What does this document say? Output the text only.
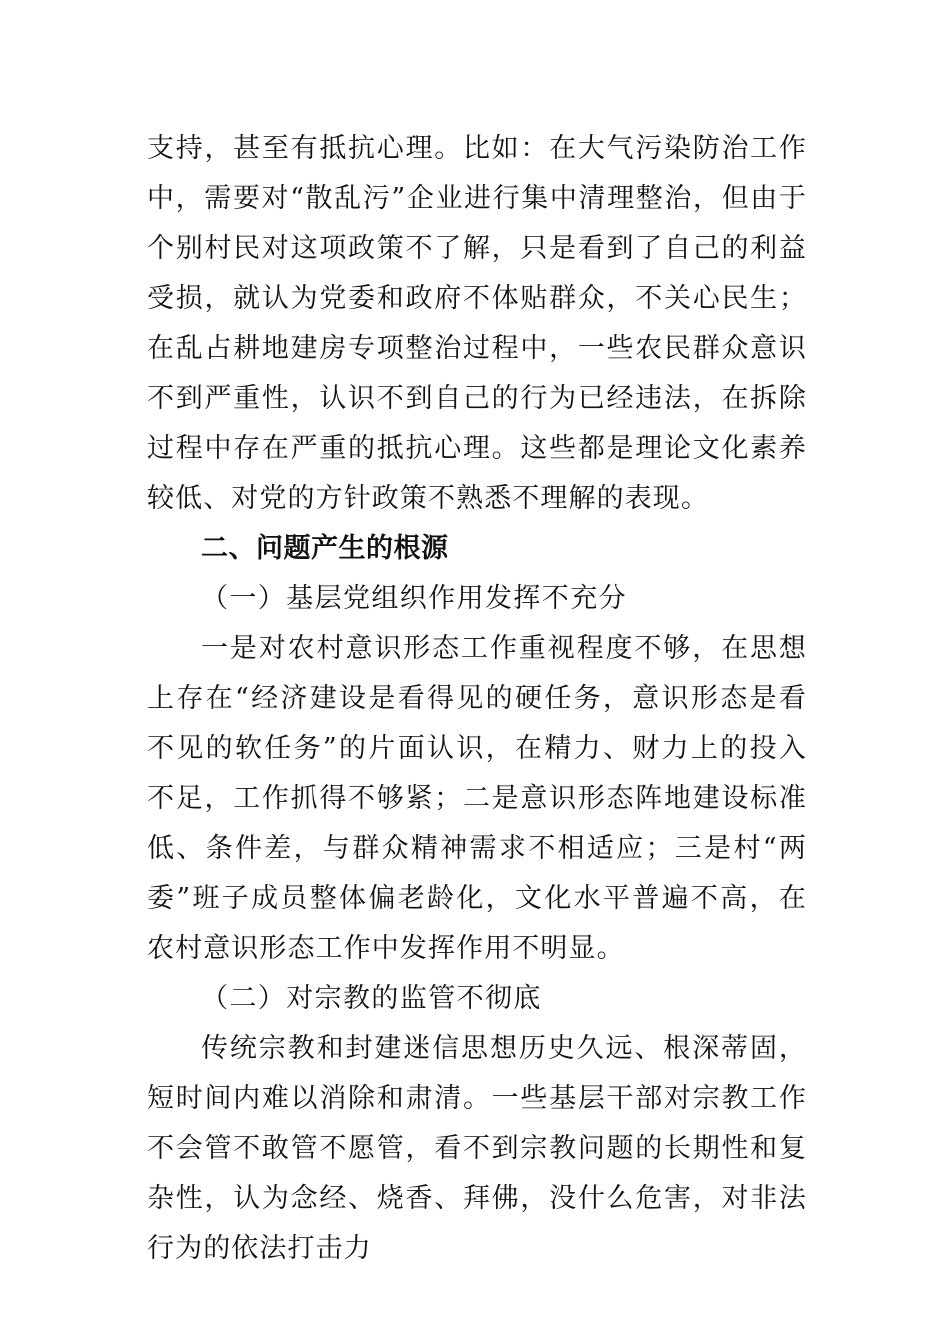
支持，甚至有抵抗心理。比如：在大气污染防治工作中，需要对“散乱污”企业进行集中清理整治，但由于个别村民对这项政策不了解，只是看到了自己的利益受损，就认为党委和政府不体贴群众，不关心民生；在乱占耕地建房专项整治过程中，一些农民群众意识不到严重性，认识不到自己的行为已经违法，在拆除过程中存在严重的抵抗心理。这些都是理论文化素养较低、对党的方针政策不熟悉不理解的表现。

二、问题产生的根源

（一）基层党组织作用发挥不充分

一是对农村意识形态工作重视程度不够，在思想上存在“经济建设是看得见的硬任务，意识形态是看不见的软任务”的片面认识，在精力、财力上的投入不足，工作抓得不够紧；二是意识形态阵地建设标准低、条件差，与群众精神需求不相适应；三是村“两委”班子成员整体偏老龄化，文化水平普遍不高，在农村意识形态工作中发挥作用不明显。

（二）对宗教的监管不彻底

传统宗教和封建迷信思想历史久远、根深蒂固，短时间内难以消除和肃清。一些基层干部对宗教工作不会管不敢管不愿管，看不到宗教问题的长期性和复杂性，认为念经、烧香、拜佛，没什么危害，对非法行为的依法打击力
